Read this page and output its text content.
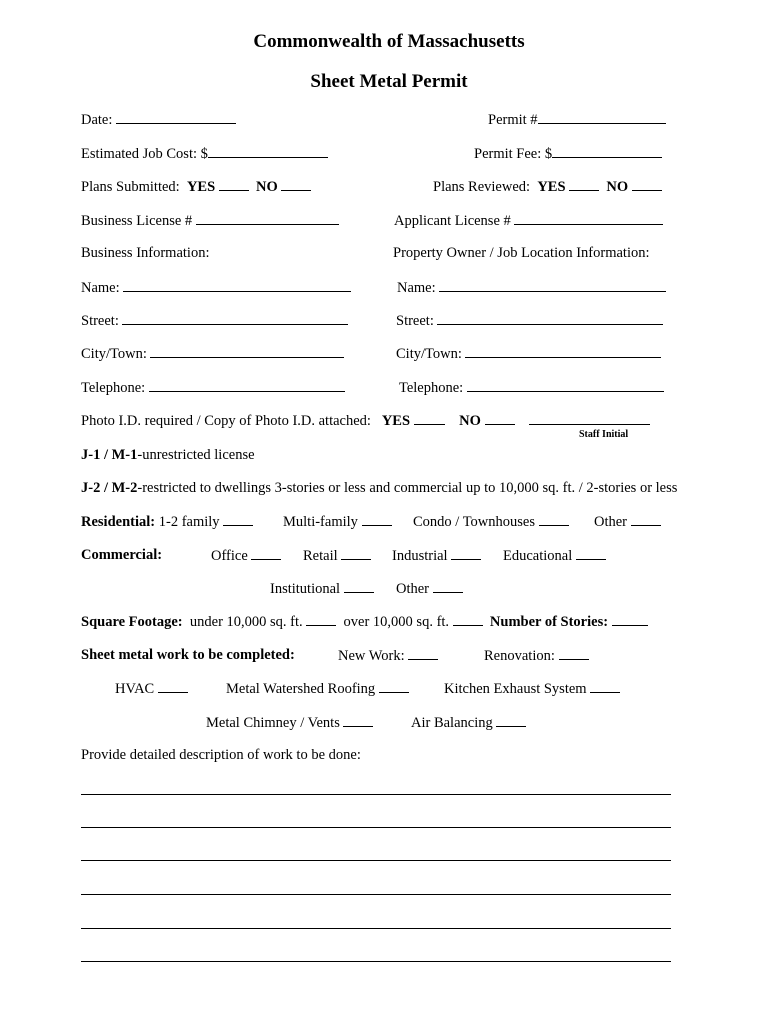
Commonwealth of Massachusetts
Sheet Metal Permit
Date:	Permit #
Estimated Job Cost: $	Permit Fee: $
Plans Submitted: YES	NO	Plans Reviewed: YES	NO
Business License #	Applicant License #
Business Information:	Property Owner / Job Location Information:
Name:	Name:
Street:	Street:
City/Town:	City/Town:
Telephone:	Telephone:
Photo I.D. required / Copy of Photo I.D. attached: YES	NO
Staff Initial
J-1 / M-1-unrestricted license
J-2 / M-2-restricted to dwellings 3-stories or less and commercial up to 10,000 sq. ft. / 2-stories or less
Residential: 1-2 family	Multi-family	Condo / Townhouses	Other
Commercial:	Office	Retail	Industrial	Educational
Institutional	Other
Square Footage: under 10,000 sq. ft.	over 10,000 sq. ft.	Number of Stories:
Sheet metal work to be completed:	New Work:	Renovation:
HVAC	Metal Watershed Roofing	Kitchen Exhaust System
Metal Chimney / Vents	Air Balancing
Provide detailed description of work to be done:
